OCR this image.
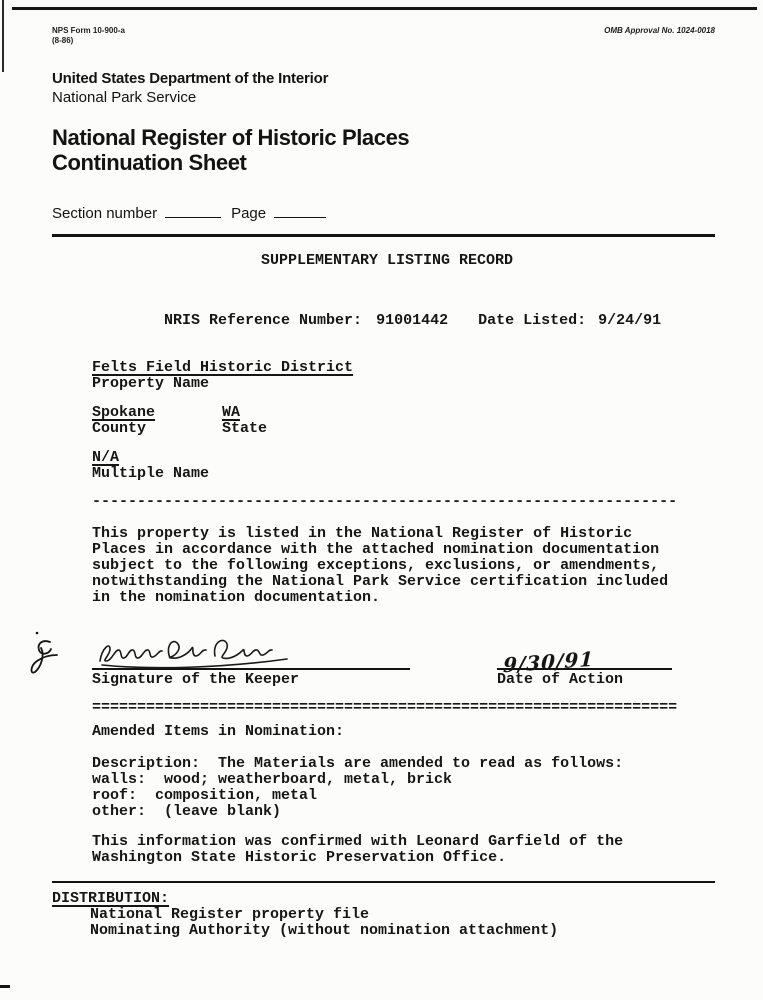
NPS Form 10-900-a
(8-86)
OMB Approval No. 1024-0018
United States Department of the Interior
National Park Service
National Register of Historic Places
Continuation Sheet
Section number	Page
SUPPLEMENTARY LISTING RECORD

NRIS Reference Number: 91001442 Date Listed: 9/24/91

Felts Field Historic District
Property Name
Spokane	WA
County	State
N/A
Multiple Name
-----------------------------------------------------------------
This property is listed in the National Register of Historic
Places in accordance with the attached nomination documentation
subject to the following exceptions, exclusions, or amendments,
notwithstanding the National Park Service certification included
in the nomination documentation.
9/30/91
Signature of the Keeper	Date of Action
=================================================================
Amended Items in Nomination:
Description:  The Materials are amended to read as follows:
walls:  wood; weatherboard, metal, brick
roof:  composition, metal
other:  (leave blank)
This information was confirmed with Leonard Garfield of the
Washington State Historic Preservation Office.
DISTRIBUTION:
National Register property file
Nominating Authority (without nomination attachment)
